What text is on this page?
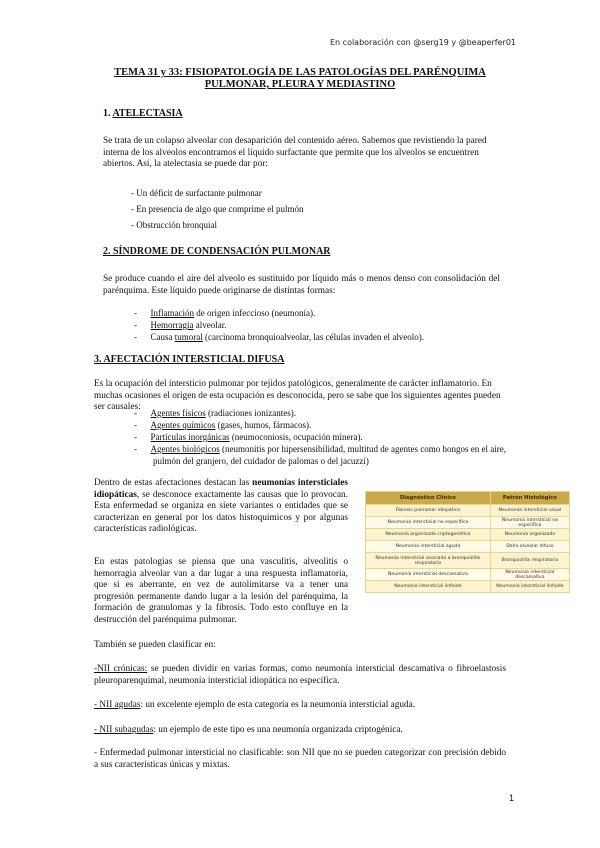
En colaboración con @serg19 y @beaperfer01
TEMA 31 y 33: FISIOPATOLOGÍA DE LAS PATOLOGÍAS DEL PARÉNQUIMA
PULMONAR, PLEURA Y MEDIASTINO
1. ATELECTASIA

Se trata de un colapso alveolar con desaparición del contenido aéreo. Sabemos que revistiendo la pared interna de los alveolos encontramos el líquido surfactante que permite que los alveolos se encuentren abiertos. Así, la atelectasia se puede dar por:

- Un déficit de surfactante pulmonar
- En presencia de algo que comprime el pulmón
- Obstrucción bronquial
2. SÍNDROME DE CONDENSACIÓN PULMONAR

Se produce cuando el aire del alveolo es sustituido por líquido más o menos denso con consolidación del parénquima. Este líquido puede originarse de distintas formas:

-      Inflamación de origen infeccioso (neumonía).
-      Hemorragia alveolar.
-      Causa tumoral (carcinoma bronquioalveolar, las células invaden el alveolo).
3. AFECTACIÓN INTERSTICIAL DIFUSA

Es la ocupación del intersticio pulmonar por tejidos patológicos, generalmente de carácter inflamatorio. En muchas ocasiones el origen de esta ocupación es desconocida, pero se sabe que los siguientes agentes pueden ser causales:

-      Agentes físicos (radiaciones ionizantes).
-      Agentes químicos (gases, humos, fármacos).
-      Partículas inorgánicas (neumoconiosis, ocupación minera).
-      Agentes biológicos (neumonitis por hipersensibilidad, multitud de agentes como hongos en el aire, pulmón del granjero, del cuidador de palomas o del jacuzzi)

Dentro de estas afectaciones destacan las neumonías intersticiales idiopáticas, se desconoce exactamente las causas que lo provocan. Esta enfermedad se organiza en siete variantes o entidades que se caracterizan en general por los datos histoquímicos y por algunas características radiológicas.

En estas patologías se piensa que una vasculitis, alveolitis o hemorragia alveolar van a dar lugar a una respuesta inflamatoria, que si es aberrante, en vez de autolimitarse va a tener una progresión permanente dando lugar a la lesión del parénquima, la formación de granulomas y la fibrosis. Todo esto confluye en la destrucción del parénquima pulmonar.

Diagnóstico Clínico	Patrón Histológico
Fibrosis pulmonar idiopática	Neumonía intersticial usual
Neumonía intersticial no específica	Neumonía intersticial no específica
Neumonía organizada criptogenética	Neumonía organizada
Neumonía intersticial aguda	Daño alveolar difuso
Neumonía intersticial asociada a bronquiolitis respiratoria	Bronquiolitis respiratoria
Neumonía intersticial descamativa	Neumonía intersticial descamativa
Neumonía intersticial linfoide	Neumonía intersticial linfoide

También se pueden clasificar en:

-NII crónicas: se pueden dividir en varias formas, como neumonía intersticial descamativa o fibroelastosis pleuroparenquimal, neumonía intersticial idiopática no específica.

- NII agudas: un excelente ejemplo de esta categoría es la neumonía intersticial aguda.

- NII subagudas: un ejemplo de este tipo es una neumonía organizada criptogénica.

- Enfermedad pulmonar intersticial no clasificable: son NII que no se pueden categorizar con precisión debido a sus características únicas y mixtas.

1
